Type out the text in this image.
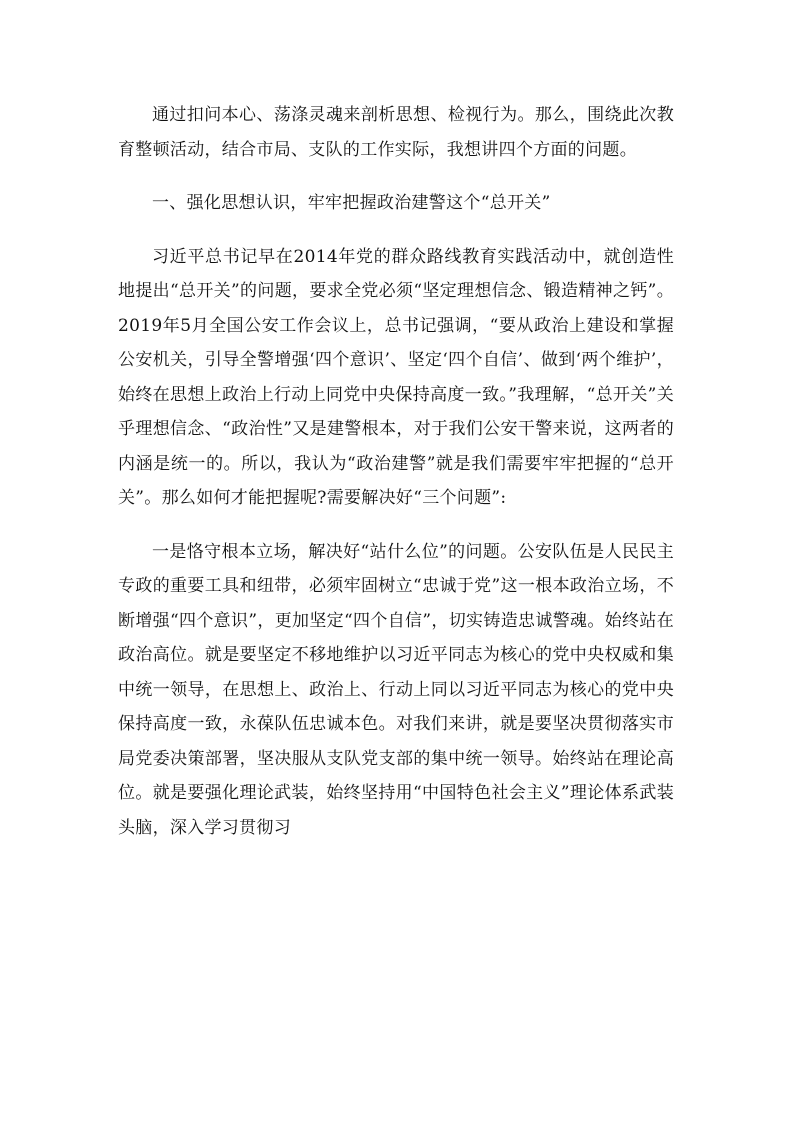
通过扣问本心、荡涤灵魂来剖析思想、检视行为。那么，围绕此次教育整顿活动，结合市局、支队的工作实际，我想讲四个方面的问题。

一、强化思想认识，牢牢把握政治建警这个“总开关”

习近平总书记早在2014年党的群众路线教育实践活动中，就创造性地提出“总开关”的问题，要求全党必须“坚定理想信念、锻造精神之钙”。2019年5月全国公安工作会议上，总书记强调，“要从政治上建设和掌握公安机关，引导全警增强‘四个意识’、坚定‘四个自信’、做到‘两个维护’，始终在思想上政治上行动上同党中央保持高度一致。”我理解，“总开关”关乎理想信念、“政治性”又是建警根本，对于我们公安干警来说，这两者的内涵是统一的。所以，我认为“政治建警”就是我们需要牢牢把握的“总开关”。那么如何才能把握呢?需要解决好“三个问题”:

一是恪守根本立场，解决好“站什么位”的问题。公安队伍是人民民主专政的重要工具和纽带，必须牢固树立“忠诚于党”这一根本政治立场，不断增强“四个意识”，更加坚定“四个自信”，切实铸造忠诚警魂。始终站在政治高位。就是要坚定不移地维护以习近平同志为核心的党中央权威和集中统一领导，在思想上、政治上、行动上同以习近平同志为核心的党中央保持高度一致，永葆队伍忠诚本色。对我们来讲，就是要坚决贯彻落实市局党委决策部署，坚决服从支队党支部的集中统一领导。始终站在理论高位。就是要强化理论武装，始终坚持用“中国特色社会主义”理论体系武装头脑，深入学习贯彻习
